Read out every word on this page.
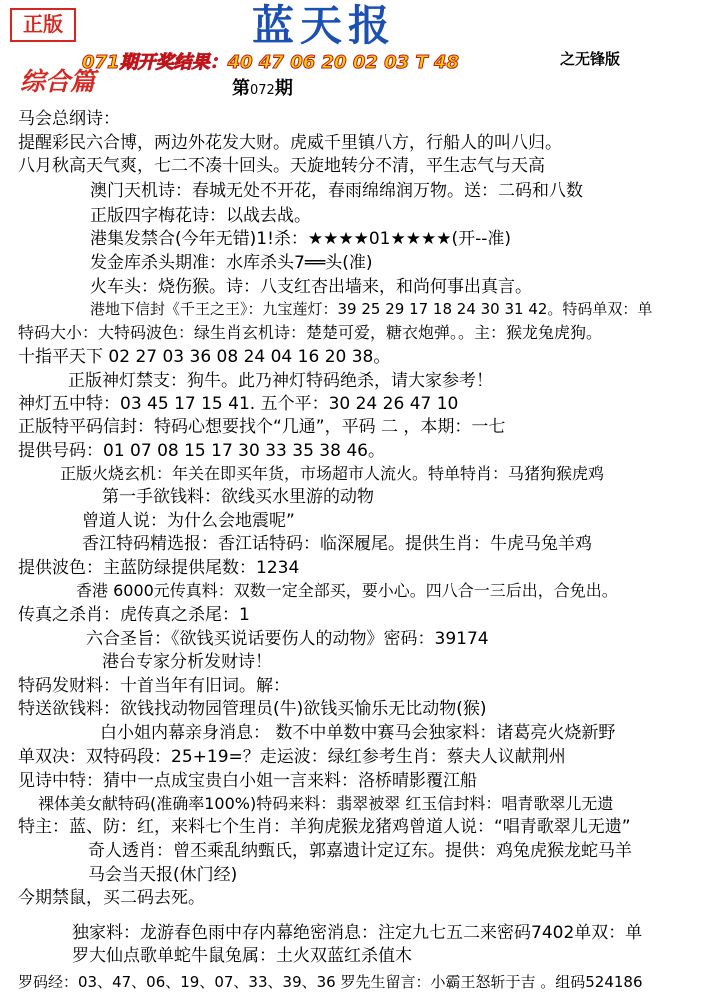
正版	蓝天报
071期开奖结果：40 47 06 20 02 03 T 48	之无锋版
综合篇	第072期
马会总纲诗：
提醒彩民六合博，两边外花发大财。虎威千里镇八方，行船人的叫八归。
八月秋高天气爽，七二不凑十回头。天旋地转分不清，平生志气与天高
澳门天机诗：春城无处不开花，春雨绵绵润万物。送：二码和八数
正版四字梅花诗：以战去战。
港集发禁合(今年无错)1!杀：★★★★01★★★★(开--准)
发金库杀头期准：水库杀头7══头(准)
火车头：烧伤猴。诗：八支红杏出墙来，和尚何事出真言。
港地下信封《千王之王》：九宝莲灯：39 25 29 17 18 24 30 31 42。特码单双：单
特码大小：大特码波色：绿生肖玄机诗：楚楚可爱，糖衣炮弹。。主：猴龙兔虎狗。
十指平天下 02 27 03 36 08 24 04 16 20 38。
正版神灯禁支：狗牛。此乃神灯特码绝杀，请大家参考！
神灯五中特：03 45 17 15 41. 五个平：30 24 26 47 10
正版特平码信封：特码心想要找个“几通”，平码 二 ，本期：一七
提供号码：01 07 08 15 17 30 33 35 38 46。
正版火烧玄机：年关在即买年货，市场超市人流火。特单特肖：马猪狗猴虎鸡
第一手欲钱料：欲线买水里游的动物
曾道人说：为什么会地震呢”
香江特码精选报：香江话特码：临深履尾。提供生肖：牛虎马兔羊鸡
提供波色：主蓝防绿提供尾数：1234
香港 6000元传真料：双数一定全部买，要小心。四八合一三后出，合免出。
传真之杀肖：虎传真之杀尾：1
六合圣旨：《欲钱买说话要伤人的动物》密码：39174
港台专家分析发财诗！
特码发财料：十首当年有旧词。解：
特送欲钱料：欲钱找动物园管理员(牛)欲钱买愉乐无比动物(猴)
白小姐内幕亲身消息： 数不中单数中赛马会独家料：诸葛亮火烧新野
单双决：双特码段：25+19=？走运波：绿红参考生肖：蔡夫人议献荆州
见诗中特：猜中一点成宝贵白小姐一言来料：洛桥晴影覆江船
裸体美女献特码(准确率100%)特码来料：翡翠被翠 红玉信封料：唱青歌翠儿无遗
特主：蓝、防：红，来料七个生肖：羊狗虎猴龙猪鸡曾道人说：“唱青歌翠儿无遗”
奇人透肖：曾丕乘乱纳甄氏，郭嘉遗计定辽东。提供：鸡兔虎猴龙蛇马羊
马会当天报(休门经)
今期禁鼠，买二码去死。
独家料：龙游春色雨中存内幕绝密消息：注定九七五二来密码7402单双：单
罗大仙点歌单蛇牛鼠兔属：土火双蓝红杀值木
罗码经：03、47、06、19、07、33、39、36 罗先生留言：小霸王怒斩于吉 。组码524186
